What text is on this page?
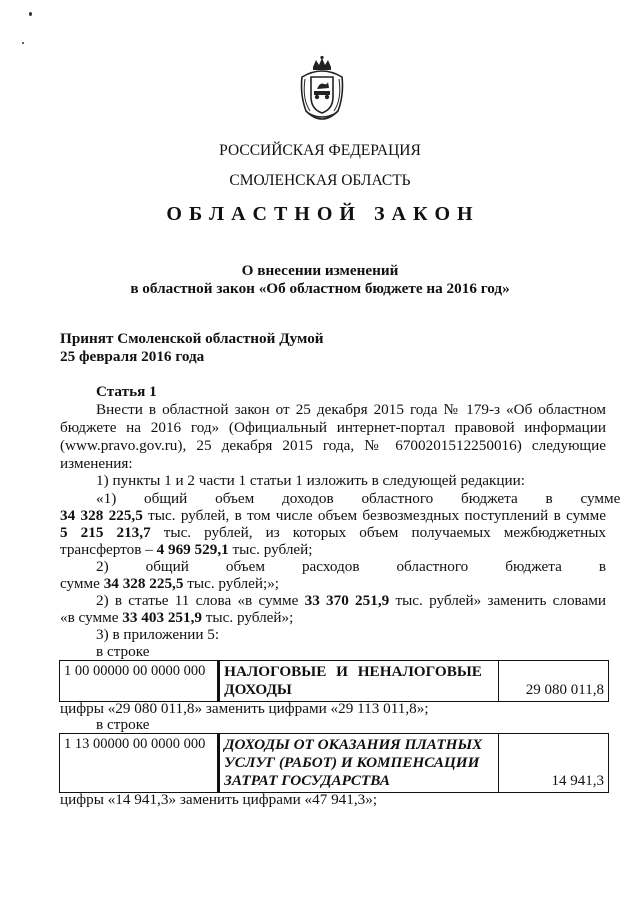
РОССИЙСКАЯ ФЕДЕРАЦИЯ
СМОЛЕНСКАЯ ОБЛАСТЬ
О Б Л А С Т Н О Й   З А К О Н
О внесении изменений
в областной закон «Об областном бюджете на 2016 год»
Принят Смоленской областной Думой
25 февраля 2016 года
Статья 1
Внести в областной закон от 25 декабря 2015 года № 179-з «Об областном
бюджете на 2016 год» (Официальный интернет-портал правовой информации
(www.pravo.gov.ru), 25 декабря 2015 года, № 6700201512250016) следующие
изменения:
1) пункты 1 и 2 части 1 статьи 1 изложить в следующей редакции:
«1) общий объем доходов областного бюджета в сумме
34 328 225,5 тыс. рублей, в том числе объем безвозмездных поступлений в сумме
5 215 213,7 тыс. рублей, из которых объем получаемых межбюджетных
трансфертов – 4 969 529,1 тыс. рублей;
2) общий объем расходов областного бюджета в
сумме 34 328 225,5 тыс. рублей;»;
2) в статье 11 слова «в сумме 33 370 251,9 тыс. рублей» заменить словами
«в сумме 33 403 251,9 тыс. рублей»;
3) в приложении 5:
в строке
1 00 00000 00 0000 000	НАЛОГОВЫЕ И НЕНАЛОГОВЫЕ
ДОХОДЫ	29 080 011,8
цифры «29 080 011,8» заменить цифрами «29 113 011,8»;
в строке
1 13 00000 00 0000 000	ДОХОДЫ ОТ ОКАЗАНИЯ ПЛАТНЫХ
УСЛУГ (РАБОТ) И КОМПЕНСАЦИИ
ЗАТРАТ ГОСУДАРСТВА	14 941,3
цифры «14 941,3» заменить цифрами «47 941,3»;
